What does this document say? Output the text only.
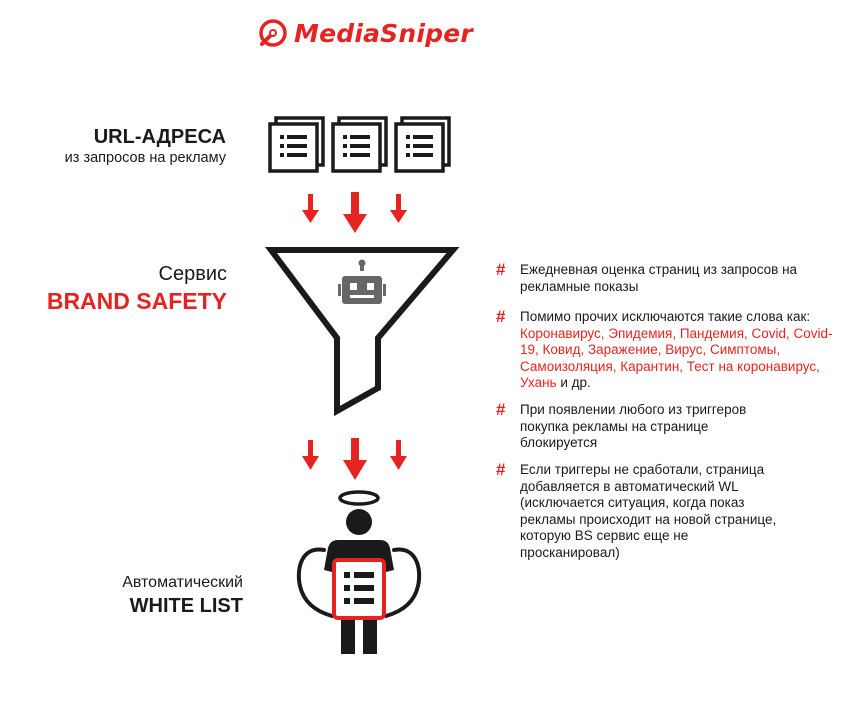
MediaSniper
URL-АДРЕСА
из запросов на рекламу
Сервис
BRAND SAFETY
Автоматический
WHITE LIST
#	Ежедневная оценка страниц из запросов на рекламные показы
#	Помимо прочих исключаются такие слова как:
Коронавирус, Эпидемия, Пандемия, Covid, Covid-19, Ковид, Заражение, Вирус, Симптомы, Самоизоляция, Карантин, Тест на коронавирус, Ухань и др.
#	При появлении любого из триггеров покупка рекламы на странице блокируется
#	Если триггеры не сработали, страница добавляется в автоматический WL (исключается ситуация, когда показ рекламы происходит на новой странице, которую BS сервис еще не просканировал)
